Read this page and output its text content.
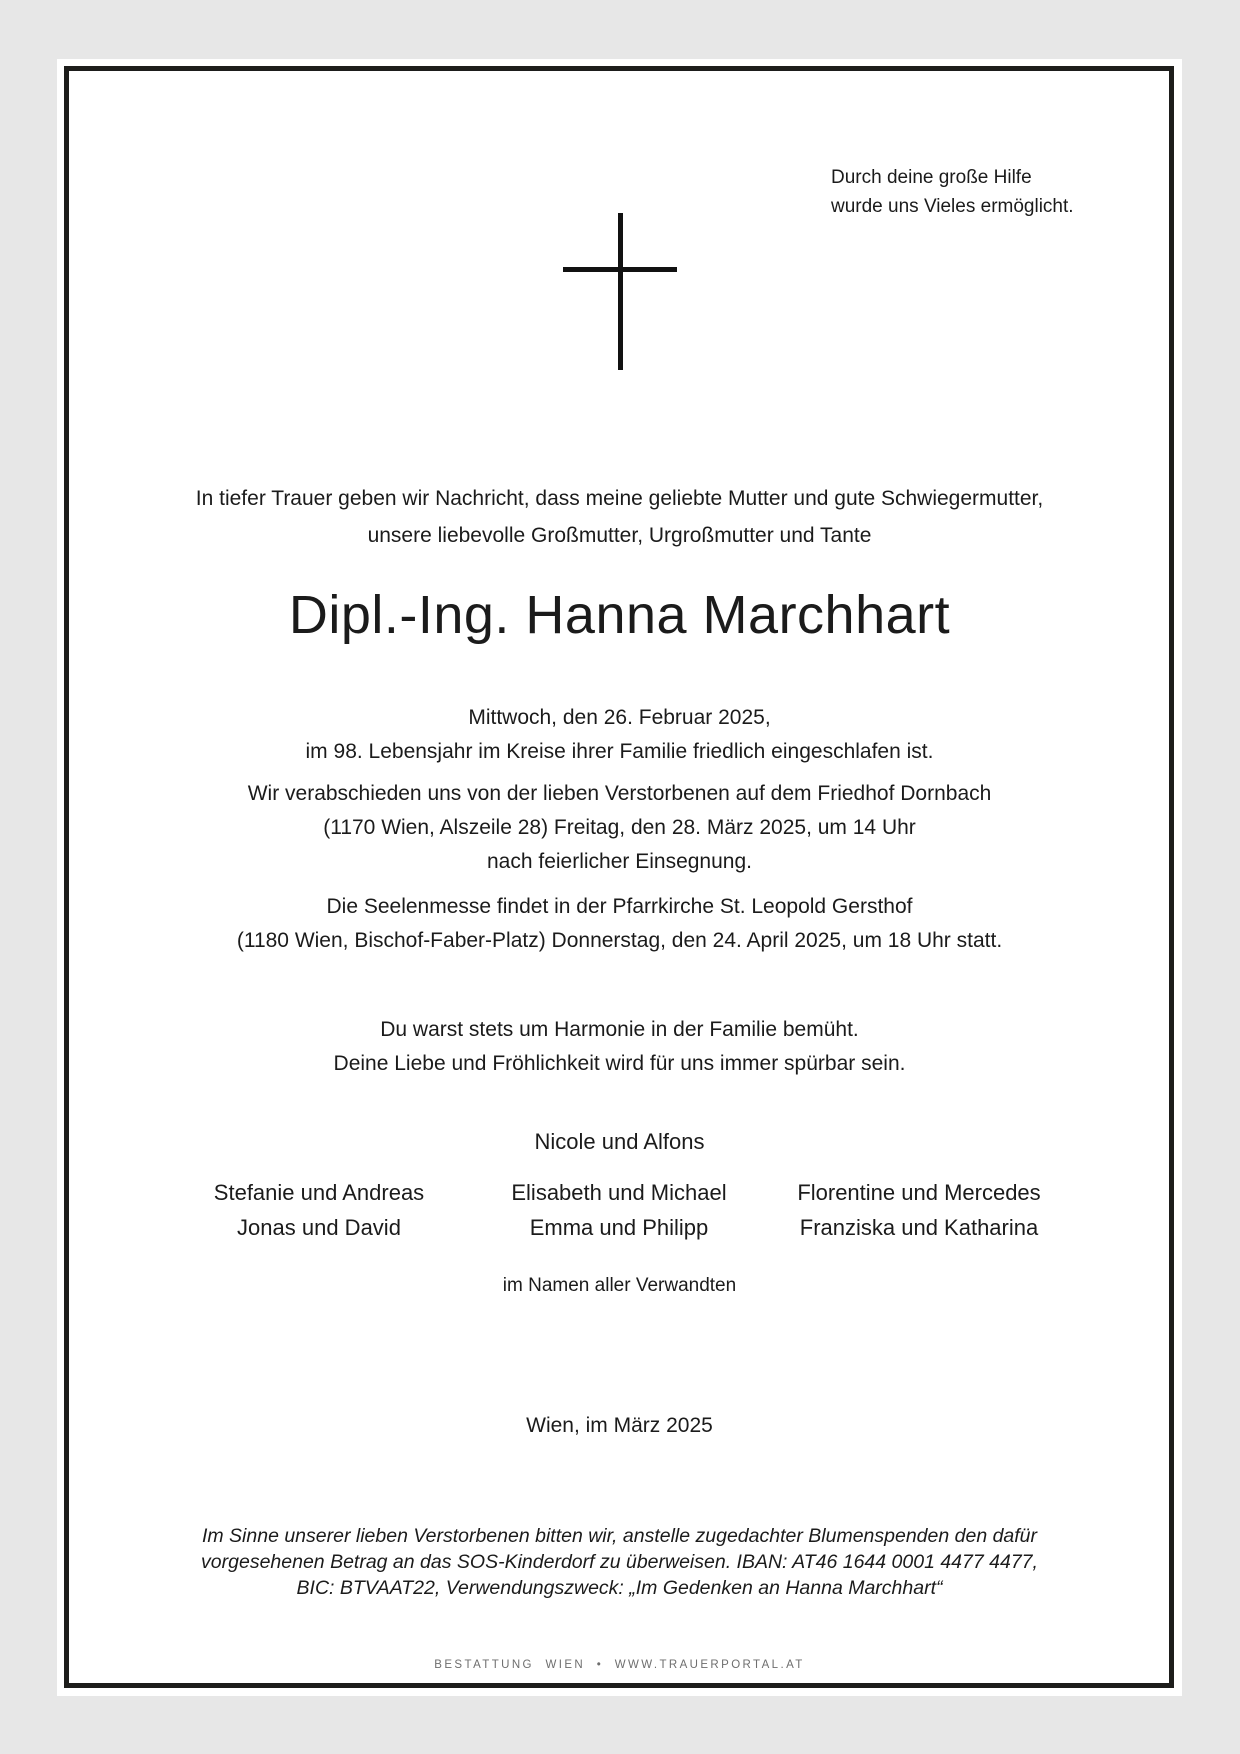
Durch deine große Hilfe
wurde uns Vieles ermöglicht.
In tiefer Trauer geben wir Nachricht, dass meine geliebte Mutter und gute Schwiegermutter,
unsere liebevolle Großmutter, Urgroßmutter und Tante
Dipl.-Ing. Hanna Marchhart
Mittwoch, den 26. Februar 2025,
im 98. Lebensjahr im Kreise ihrer Familie friedlich eingeschlafen ist.
Wir verabschieden uns von der lieben Verstorbenen auf dem Friedhof Dornbach
(1170 Wien, Alszeile 28) Freitag, den 28. März 2025, um 14 Uhr
nach feierlicher Einsegnung.
Die Seelenmesse findet in der Pfarrkirche St. Leopold Gersthof
(1180 Wien, Bischof-Faber-Platz) Donnerstag, den 24. April 2025, um 18 Uhr statt.
Du warst stets um Harmonie in der Familie bemüht.
Deine Liebe und Fröhlichkeit wird für uns immer spürbar sein.
Nicole und Alfons
Stefanie und Andreas
Jonas und David
Elisabeth und Michael
Emma und Philipp
Florentine und Mercedes
Franziska und Katharina
im Namen aller Verwandten
Wien, im März 2025
Im Sinne unserer lieben Verstorbenen bitten wir, anstelle zugedachter Blumenspenden den dafür
vorgesehenen Betrag an das SOS-Kinderdorf zu überweisen. IBAN: AT46 1644 0001 4477 4477,
BIC: BTVAAT22, Verwendungszweck: „Im Gedenken an Hanna Marchhart“
BESTATTUNG WIEN • WWW.TRAUERPORTAL.AT
